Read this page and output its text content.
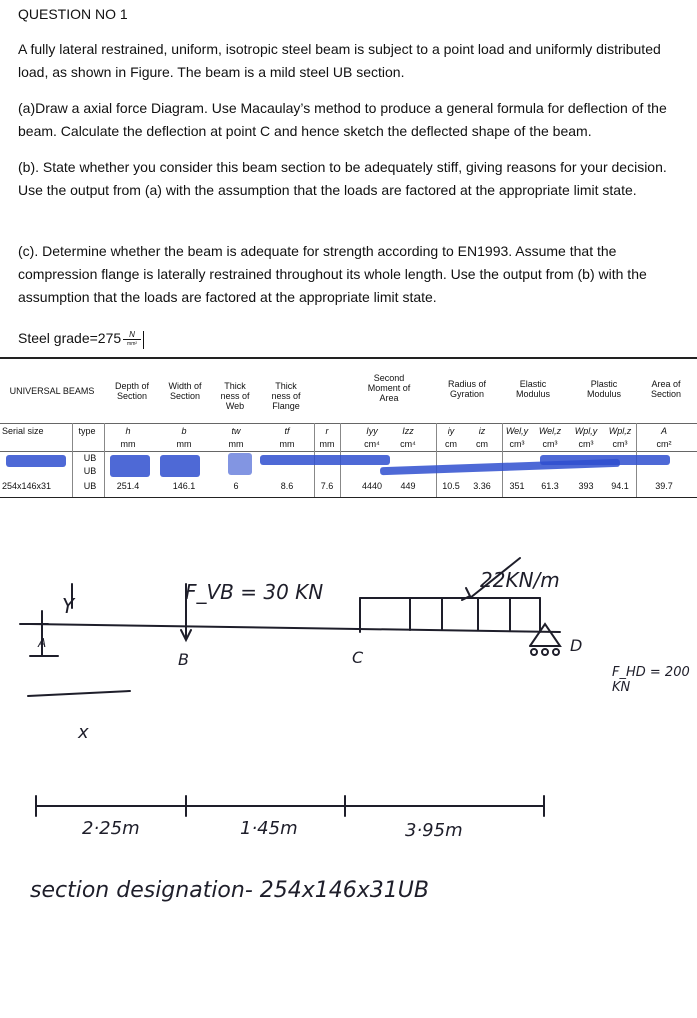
QUESTION NO 1
A fully lateral restrained, uniform, isotropic steel beam is subject to a point load and uniformly distributed load, as shown in Figure. The beam is a mild steel UB section.
(a)Draw a axial force Diagram. Use Macaulay’s method to produce a general formula for deflection of the beam. Calculate the deflection at point C and hence sketch the deflected shape of the beam.
(b). State whether you consider this beam section to be adequately stiff, giving reasons for your decision. Use the output from (a) with the assumption that the loads are factored at the appropriate limit state.
(c). Determine whether the beam is adequate for strength according to EN1993. Assume that the compression flange is laterally restrained throughout its whole length. Use the output from (b) with the assumption that the loads are factored at the appropriate limit state.
Steel grade=275 $\frac{N}{\text{mm²}}$
UNIVERSAL BEAMS	Depth of Section
Width of Section
Thick ness of Web
Thick ness of Flange
Second Moment of Area
Radius of Gyration
Elastic Modulus
Plastic Modulus
Area of Section
Serial size	type	h	b	tw	tf	r	Iyy	Izz	iy	iz	Wel,y	Wel,z	Wpl,y	Wpl,z	A
mm	mm	mm	mm	mm	cm⁴	cm⁴	cm	cm	cm³	cm³	cm³	cm³	cm²
UB
UB
254x146x31	UB	251.4	146.1	6	8.6	7.6	4440	449	10.5	3.36	351	61.3	393	94.1	39.7
F_VB = 30 KN	22KN/m
F_HD = 200 KN
Y
x
A
B	C
D
2·25m	1·45m	3·95m
section designation- 254x146x31UB
